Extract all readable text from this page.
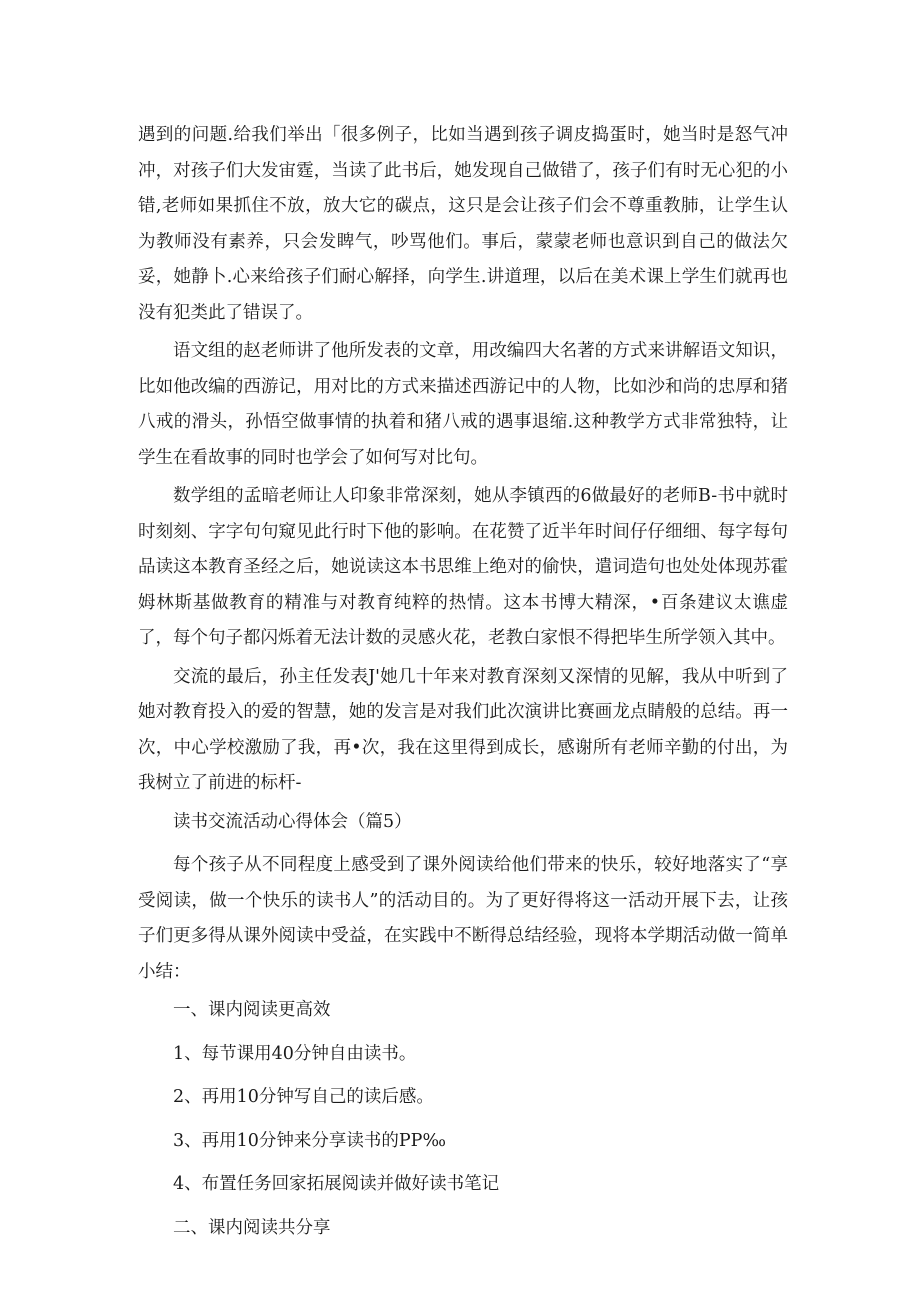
遇到的问题.给我们举出「很多例子，比如当遇到孩子调皮捣蛋时，她当时是怒气冲冲，对孩子们大发宙霆，当读了此书后，她发现自己做错了，孩子们有时无心犯的小错,老师如果抓住不放，放大它的碳点，这只是会让孩子们会不尊重教肺，让学生认为教师没有素养，只会发睥气，吵骂他们。事后，蒙蒙老师也意识到自己的做法欠妥，她静卜.心来给孩子们耐心解择，向学生.讲道理，以后在美术课上学生们就再也没有犯类此了错误了。

语文组的赵老师讲了他所发表的文章，用改编四大名著的方式来讲解语文知识，比如他改编的西游记，用对比的方式来描述西游记中的人物，比如沙和尚的忠厚和猪八戒的滑头，孙悟空做事情的执着和猪八戒的遇事退缩.这种教学方式非常独特，让学生在看故事的同时也学会了如何写对比句。

数学组的孟暗老师让人印象非常深刻，她从李镇西的6做最好的老师B-书中就时时刻刻、字字句句窥见此行时下他的影响。在花赞了近半年时间仔仔细细、每字每句品读这本教育圣经之后，她说读这本书思维上绝对的偷快，遣词造句也处处体现苏霍姆林斯基做教育的精准与对教育纯粹的热情。这本书博大精深，•百条建议太谯虚了，每个句子都闪烁着无法计数的灵感火花，老教白家恨不得把毕生所学领入其中。

交流的最后，孙主任发表J'她几十年来对教育深刻又深情的见解，我从中听到了她对教育投入的爱的智慧，她的发言是对我们此次演讲比赛画龙点睛般的总结。再一次，中心学校激励了我，再•次，我在这里得到成长，感谢所有老师辛勤的付出，为我树立了前进的标杆-

读书交流活动心得体会（篇5）

每个孩子从不同程度上感受到了课外阅读给他们带来的快乐，较好地落实了“享受阅读，做一个快乐的读书人”的活动目的。为了更好得将这一活动开展下去，让孩子们更多得从课外阅读中受益，在实践中不断得总结经验，现将本学期活动做一简单小结：

一、课内阅读更高效

1、每节课用40分钟自由读书。

2、再用10分钟写自己的读后感。

3、再用10分钟来分享读书的PP‰

4、布置任务回家拓展阅读并做好读书笔记

二、课内阅读共分享
